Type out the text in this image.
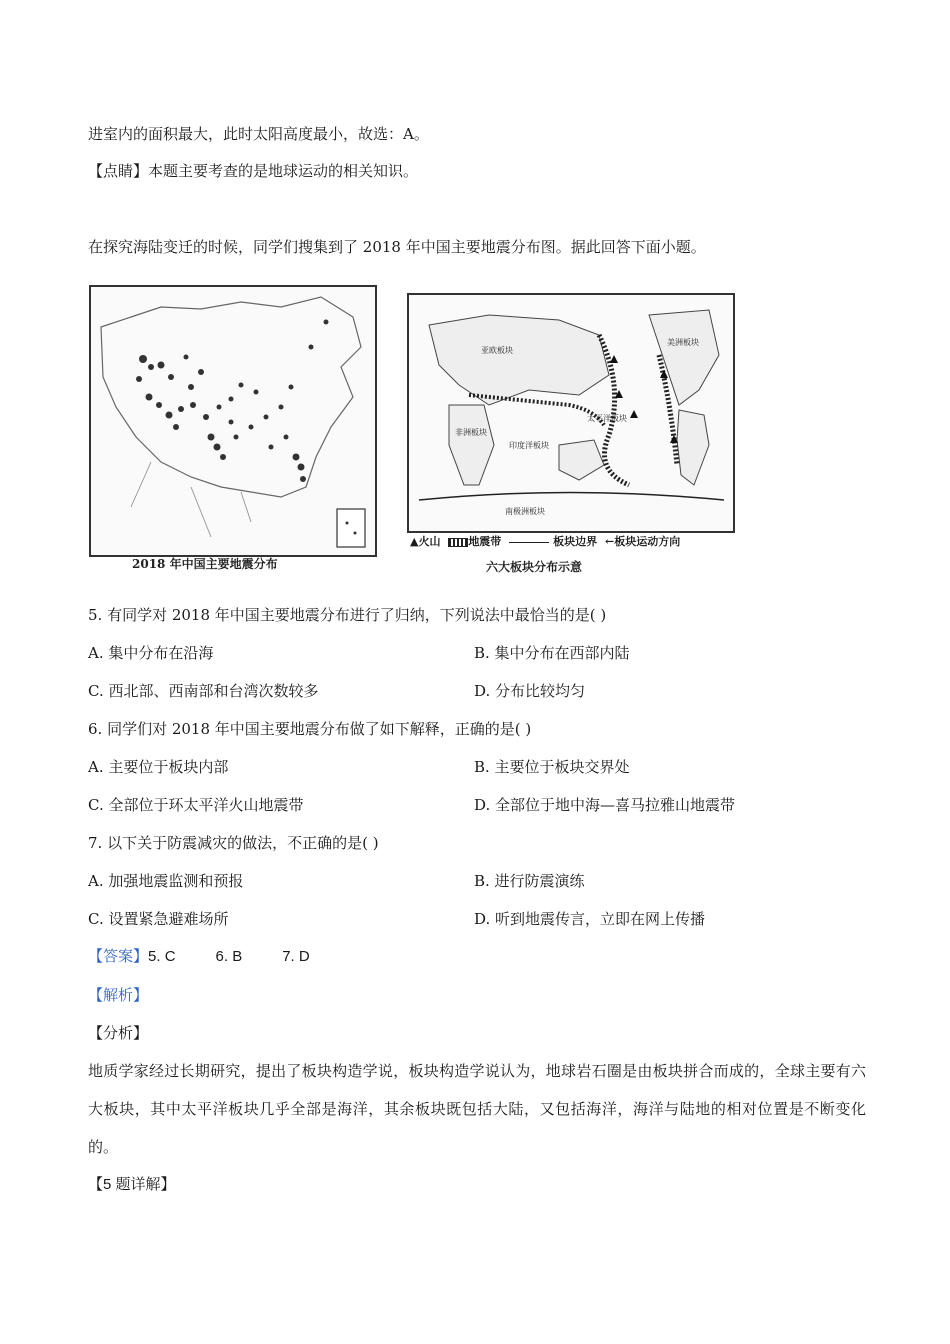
进室内的面积最大，此时太阳高度最小，故选：A。
【点睛】本题主要考查的是地球运动的相关知识。
在探究海陆变迁的时候，同学们搜集到了 2018 年中国主要地震分布图。据此回答下面小题。
2018 年中国主要地震分布
亚欧板块
太平洋板块
印度洋板块
南极洲板块
非洲板块
美洲板块
▲火山	地震带	板块边界 ←板块运动方向
六大板块分布示意
5. 有同学对 2018 年中国主要地震分布进行了归纳，下列说法中最恰当的是( )
A. 集中分布在沿海	B. 集中分布在西部内陆
C. 西北部、西南部和台湾次数较多	D. 分布比较均匀
6. 同学们对 2018 年中国主要地震分布做了如下解释，正确的是( )
A. 主要位于板块内部	B. 主要位于板块交界处
C. 全部位于环太平洋火山地震带	D. 全部位于地中海—喜马拉雅山地震带
7. 以下关于防震减灾的做法，不正确的是( )
A. 加强地震监测和预报	B. 进行防震演练
C. 设置紧急避难场所	D. 听到地震传言，立即在网上传播
【答案】5. C	6. B	7. D
【解析】
【分析】
地质学家经过长期研究，提出了板块构造学说，板块构造学说认为，地球岩石圈是由板块拼合而成的，全球主要有六大板块，其中太平洋板块几乎全部是海洋，其余板块既包括大陆，又包括海洋，海洋与陆地的相对位置是不断变化的。
【5 题详解】
